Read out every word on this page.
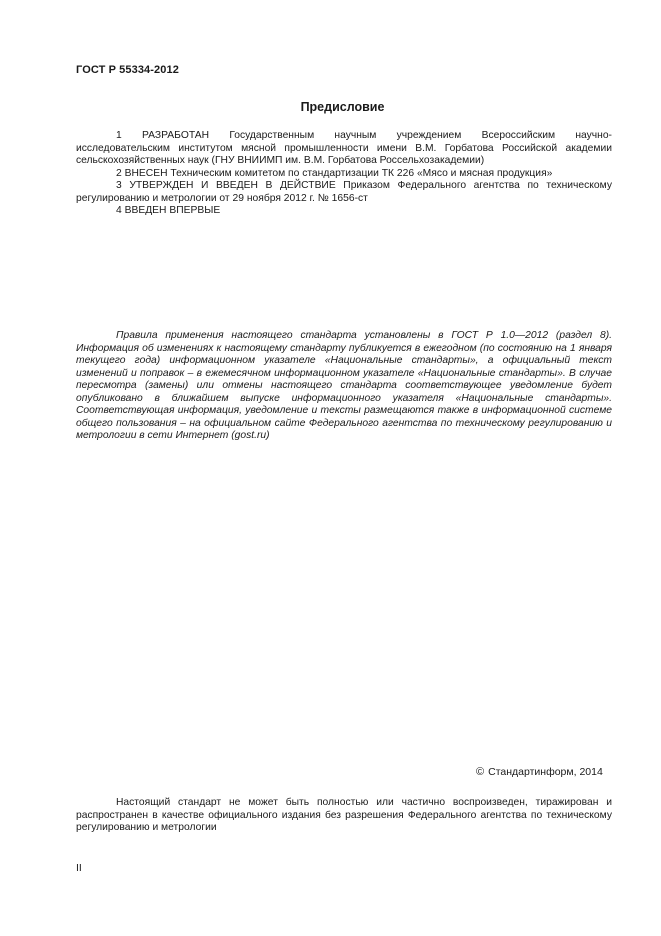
ГОСТ Р 55334-2012
Предисловие

1 РАЗРАБОТАН Государственным научным учреждением Всероссийским научно-

исследовательским институтом мясной промышленности имени В.М. Горбатова Российской академии сельскохозяйственных наук (ГНУ ВНИИМП им. В.М. Горбатова Россельхозакадемии)

2 ВНЕСЕН Техническим комитетом по стандартизации ТК 226 «Мясо и мясная продукция»

3 УТВЕРЖДЕН И ВВЕДЕН В ДЕЙСТВИЕ Приказом Федерального агентства по техническому регулированию и метрологии от 29 ноября 2012 г. № 1656-ст

4 ВВЕДЕН ВПЕРВЫЕ

Правила применения настоящего стандарта установлены в ГОСТ Р 1.0—2012 (раздел 8). Информация об изменениях к настоящему стандарту публикуется в ежегодном (по состоянию на 1 января текущего года) информационном указателе «Национальные стандарты», а официальный текст изменений и поправок – в ежемесячном информационном указателе «Национальные стандарты». В случае пересмотра (замены) или отмены настоящего стандарта соответствующее уведомление будет опубликовано в ближайшем выпуске информационного указателя «Национальные стандарты». Соответствующая информация, уведомление и тексты размещаются также в информационной системе общего пользования – на официальном сайте Федерального агентства по техническому регулированию и метрологии в сети Интернет (gost.ru)

© Стандартинформ, 2014

Настоящий стандарт не может быть полностью или частично воспроизведен, тиражирован и распространен в качестве официального издания без разрешения Федерального агентства по техническому регулированию и метрологии

II
